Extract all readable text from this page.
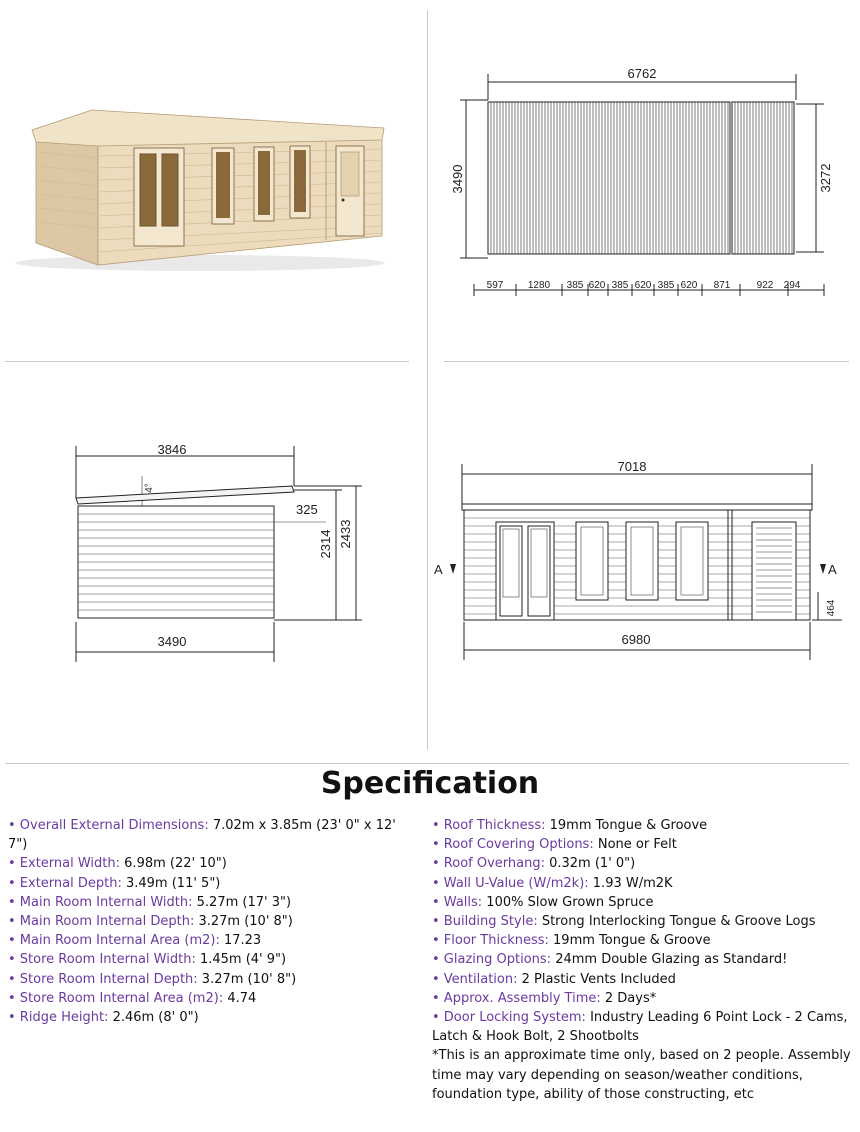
6762
3490	3272
597 1280 385 620 385 620 385 620 871	922 294
3846
4°
325
2314 2433
3490
7018
A	A
464
6980
Specification
• Overall External Dimensions: 7.02m x 3.85m (23' 0" x 12' 7")
• External Width: 6.98m (22' 10")
• External Depth: 3.49m (11' 5")
• Main Room Internal Width: 5.27m (17' 3")
• Main Room Internal Depth: 3.27m (10' 8")
• Main Room Internal Area (m2): 17.23
• Store Room Internal Width: 1.45m (4' 9")
• Store Room Internal Depth: 3.27m (10' 8")
• Store Room Internal Area (m2): 4.74
• Ridge Height: 2.46m (8' 0")
• Roof Thickness: 19mm Tongue & Groove
• Roof Covering Options: None or Felt
• Roof Overhang: 0.32m (1' 0")
• Wall U-Value (W/m2k): 1.93 W/m2K
• Walls: 100% Slow Grown Spruce
• Building Style: Strong Interlocking Tongue & Groove Logs
• Floor Thickness: 19mm Tongue & Groove
• Glazing Options: 24mm Double Glazing as Standard!
• Ventilation: 2 Plastic Vents Included
• Approx. Assembly Time: 2 Days*
• Door Locking System: Industry Leading 6 Point Lock - 2 Cams, Latch & Hook Bolt, 2 Shootbolts
*This is an approximate time only, based on 2 people. Assembly time may vary depending on season/weather conditions, foundation type, ability of those constructing, etc
